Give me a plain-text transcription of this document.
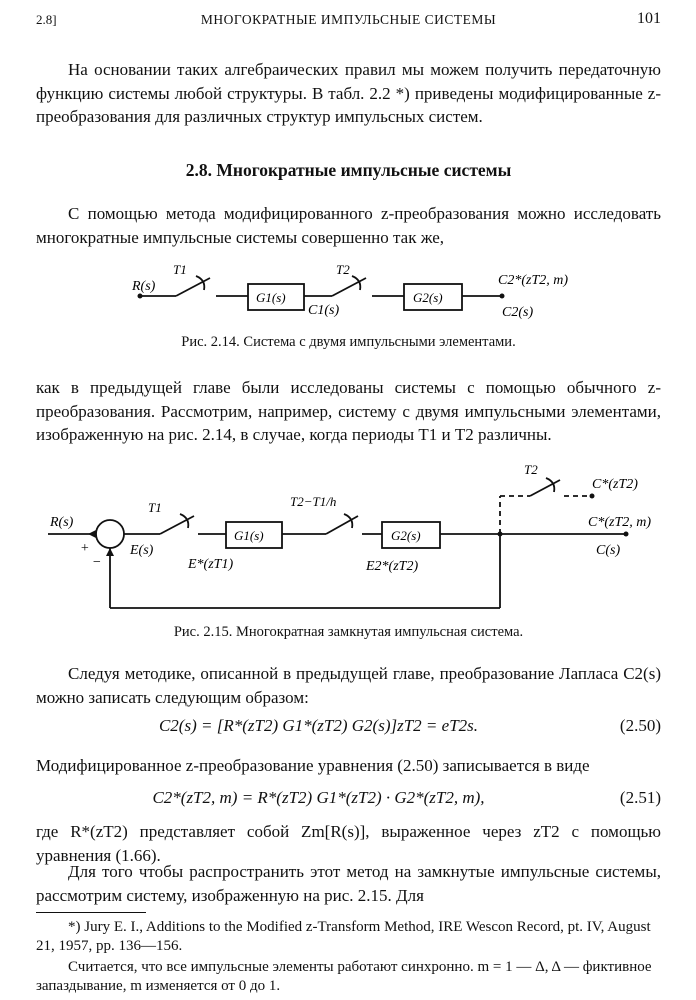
2.8]	МНОГОКРАТНЫЕ ИМПУЛЬСНЫЕ СИСТЕМЫ	101
На основании таких алгебраических правил мы можем получить передаточную функцию системы любой структуры. В табл. 2.2 *) приведены модифицированные z-преобразования для различных структур импульсных систем.
2.8. Многократные импульсные системы
С помощью метода модифицированного z-преобразования можно исследовать многократные импульсные системы совершенно так же,
R(s)
T1
G1(s)
C1(s)
T2
G2(s)
C2*(zT2, m)
C2(s)
Рис. 2.14. Система с двумя импульсными элементами.
как в предыдущей главе были исследованы системы с помощью обычного z-преобразования. Рассмотрим, например, систему с двумя импульсными элементами, изображенную на рис. 2.14, в случае, когда периоды T1 и T2 различны.
R(s)
+
−
T1
E(s)
E*(zT1)
G1(s)
T2−T1/h
G2(s)
E2*(zT2)
T2
C*(zT2)
C*(zT2, m)
C(s)
Рис. 2.15. Многократная замкнутая импульсная система.
Следуя методике, описанной в предыдущей главе, преобразование Лапласа C2(s) можно записать следующим образом:
C2(s) = [R*(zT2) G1*(zT2) G2(s)]zT2 = eT2s.	(2.50)
Модифицированное z-преобразование уравнения (2.50) записывается в виде
C2*(zT2, m) = R*(zT2) G1*(zT2) · G2*(zT2, m),	(2.51)
где R*(zT2) представляет собой Zm[R(s)], выраженное через zT2 с помощью уравнения (1.66).
Для того чтобы распространить этот метод на замкнутые импульсные системы, рассмотрим систему, изображенную на рис. 2.15. Для
*) Jury E. I., Additions to the Modified z-Transform Method, IRE Wescon Record, pt. IV, August 21, 1957, pp. 136—156.
Считается, что все импульсные элементы работают синхронно. m = 1 — Δ, Δ — фиктивное запаздывание, m изменяется от 0 до 1.
